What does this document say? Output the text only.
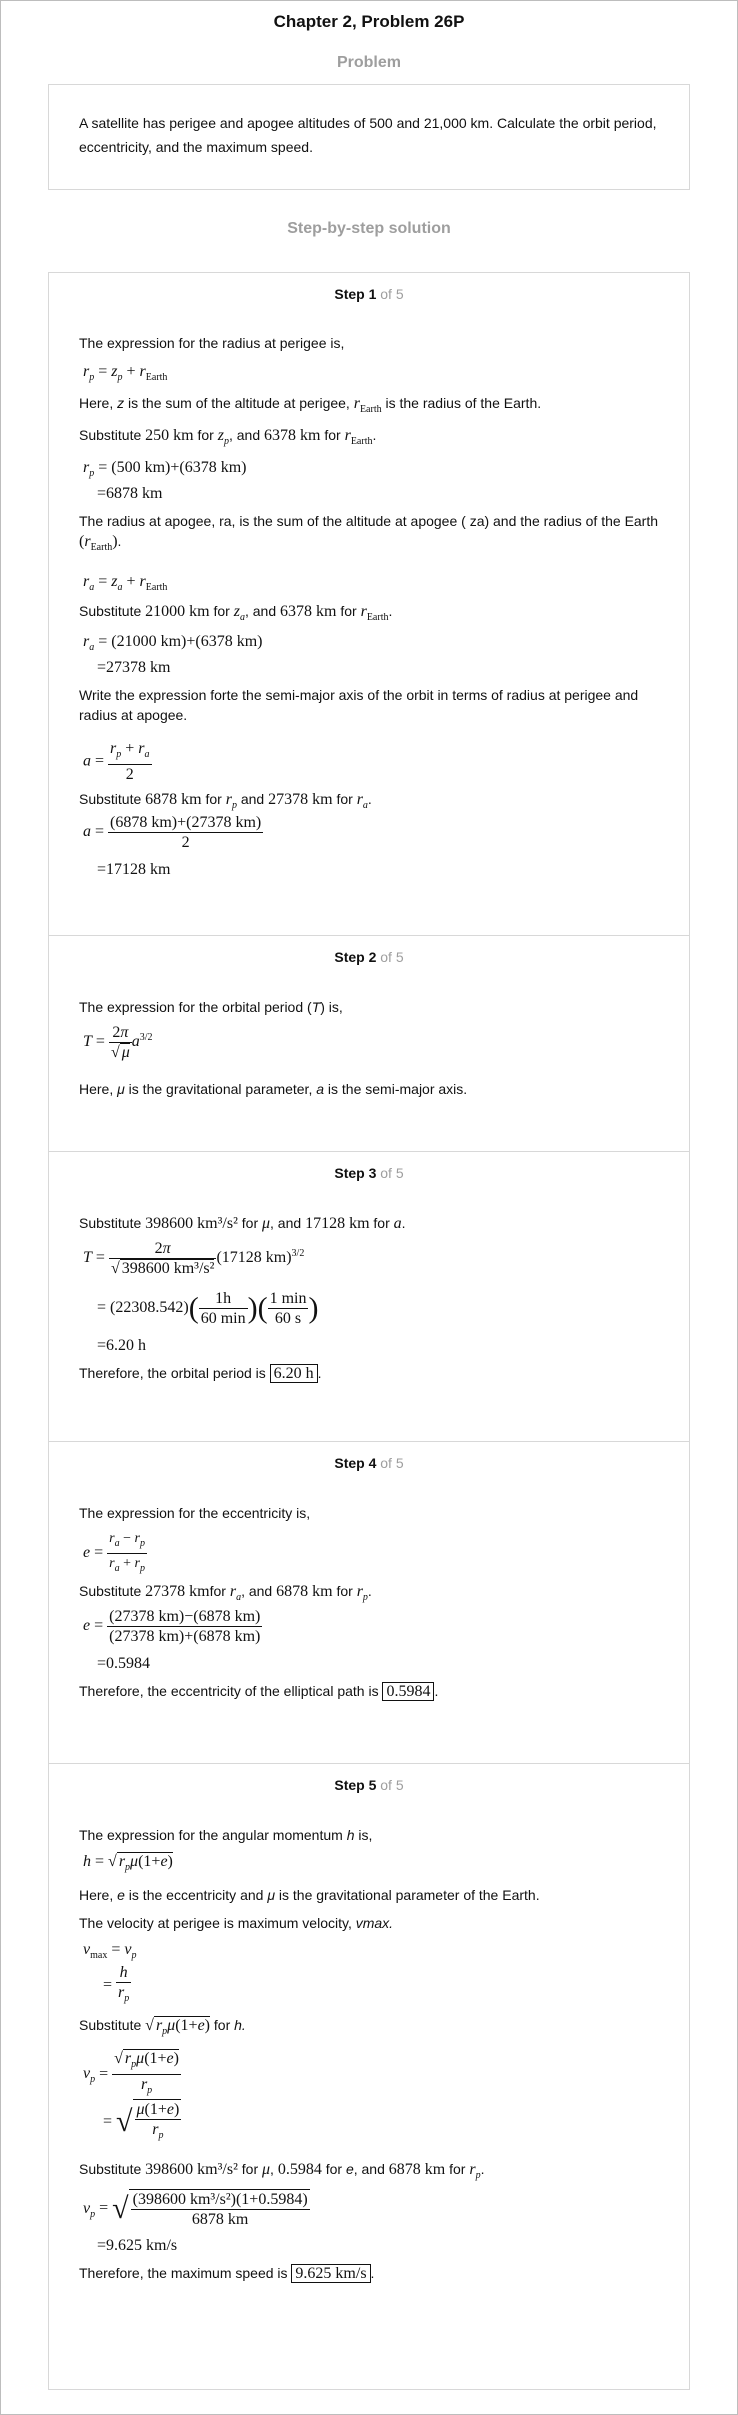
Chapter 2, Problem 26P
Problem
A satellite has perigee and apogee altitudes of 500 and 21,000 km. Calculate the orbit period, eccentricity, and the maximum speed.
Step-by-step solution
Step 1 of 5
The expression for the radius at perigee is,
$r_p = z_p + r_{Earth}$
Here, z is the sum of the altitude at perigee, $r_{Earth}$ is the radius of the Earth.
Substitute 250 km for $z_p$, and 6378 km for $r_{Earth}$.
$r_p = (500$ km)+(6378 km)
=6878 km
The radius at apogee, ra, is the sum of the altitude at apogee ( za) and the radius of the Earth $(r_{Earth})$.
$r_a = z_a + r_{Earth}$
Substitute 21000 km for $z_a$, and 6378 km for $r_{Earth}$.
$r_a = (21000$ km)+(6378 km)
=27378 km
Write the expression forte the semi-major axis of the orbit in terms of radius at perigee and radius at apogee.
$a = \frac{r_p + r_a}{2}$
Substitute 6878 km for $r_p$ and 27378 km for $r_a$.
$a = \frac{(6878 km)+(27378 km)}{2}$
=17128 km
Step 2 of 5
The expression for the orbital period (T) is,
$T = \frac{2\pi}{√ \mu} a^{3/2}$
Here, μ is the gravitational parameter, a is the semi-major axis.
Step 3 of 5
Substitute 398600 km³/s² for μ, and 17128 km for a.
$T = \frac{2\pi}{\text{√ 398600 km³/s²}} (17128$ km)$^{3/2}$
= $(22308.542)( \frac{1h}{60 \min}$ )( $\frac{1 \min}{60 s}$ )
=6.20 h
Therefore, the orbital period is 6.20 h .
Step 4 of 5
The expression for the eccentricity is,
$e = \frac{r_a - r_p}{r_a + r_p}$
Substitute 27378 kmfor $r_a$, and 6878 km for $r_p$.
$e = \frac{(27378 km)-(6878 km)}{(27378 km)+(6878 km)}$
=0.5984
Therefore, the eccentricity of the elliptical path is 0.5984 .
Step 5 of 5
The expression for the angular momentum h is,
h = √ $r_p\mu(1+e)$
Here, e is the eccentricity and μ is the gravitational parameter of the Earth.
The velocity at perigee is maximum velocity, vmax.
$v_{max} = v_p$
= $\frac{h}{r_p}$
Substitute √ $r_p\mu(1+e)$ for h.
$v_p = \frac{√ r_p\mu(1+e)}{r_p}$
= √ $\frac{\mu(1+e)}{r_p}$
Substitute 398600 km³/s² for μ, 0.5984 for e, and 6878 km for $r_p$.
$v_p$ = √ $\frac{\text{(398600 km³/s²)(1+0.5984)}}{6878 km}$
=9.625 km/s
Therefore, the maximum speed is 9.625 km/s .
